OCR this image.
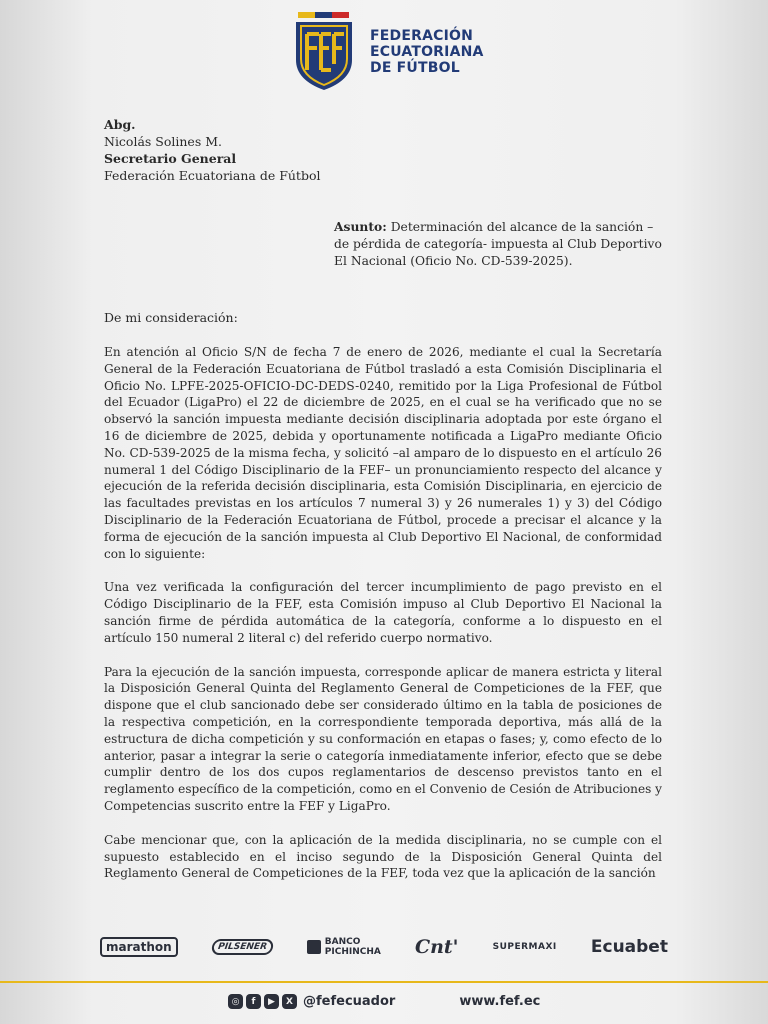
FEDERACIÓN
ECUATORIANA
DE FÚTBOL
Abg.
Nicolás Solines M.
Secretario General
Federación Ecuatoriana de Fútbol
Asunto: Determinación del alcance de la sanción – de pérdida de categoría- impuesta al Club Deportivo El Nacional (Oficio No. CD-539-2025).
De mi consideración:

En atención al Oficio S/N de fecha 7 de enero de 2026, mediante el cual la Secretaría General de la Federación Ecuatoriana de Fútbol trasladó a esta Comisión Disciplinaria el Oficio No. LPFE-2025-OFICIO-DC-DEDS-0240, remitido por la Liga Profesional de Fútbol del Ecuador (LigaPro) el 22 de diciembre de 2025, en el cual se ha verificado que no se observó la sanción impuesta mediante decisión disciplinaria adoptada por este órgano el 16 de diciembre de 2025, debida y oportunamente notificada a LigaPro mediante Oficio No. CD-539-2025 de la misma fecha, y solicitó –al amparo de lo dispuesto en el artículo 26 numeral 1 del Código Disciplinario de la FEF– un pronunciamiento respecto del alcance y ejecución de la referida decisión disciplinaria, esta Comisión Disciplinaria, en ejercicio de las facultades previstas en los artículos 7 numeral 3) y 26 numerales 1) y 3) del Código Disciplinario de la Federación Ecuatoriana de Fútbol, procede a precisar el alcance y la forma de ejecución de la sanción impuesta al Club Deportivo El Nacional, de conformidad con lo siguiente:

Una vez verificada la configuración del tercer incumplimiento de pago previsto en el Código Disciplinario de la FEF, esta Comisión impuso al Club Deportivo El Nacional la sanción firme de pérdida automática de la categoría, conforme a lo dispuesto en el artículo 150 numeral 2 literal c) del referido cuerpo normativo.

Para la ejecución de la sanción impuesta, corresponde aplicar de manera estricta y literal la Disposición General Quinta del Reglamento General de Competiciones de la FEF, que dispone que el club sancionado debe ser considerado último en la tabla de posiciones de la respectiva competición, en la correspondiente temporada deportiva, más allá de la estructura de dicha competición y su conformación en etapas o fases; y, como efecto de lo anterior, pasar a integrar la serie o categoría inmediatamente inferior, efecto que se debe cumplir dentro de los dos cupos reglamentarios de descenso previstos tanto en el reglamento específico de la competición, como en el Convenio de Cesión de Atribuciones y Competencias suscrito entre la FEF y LigaPro.

Cabe mencionar que, con la aplicación de la medida disciplinaria, no se cumple con el supuesto establecido en el inciso segundo de la Disposición General Quinta del Reglamento General de Competiciones de la FEF, toda vez que la aplicación de la sanción

marathon	PILSENER	BANCO
PICHINCHA Cnt'	SUPERMAXI Ecuabet
◎	f	▶	X @fefecuador	www.fef.ec
